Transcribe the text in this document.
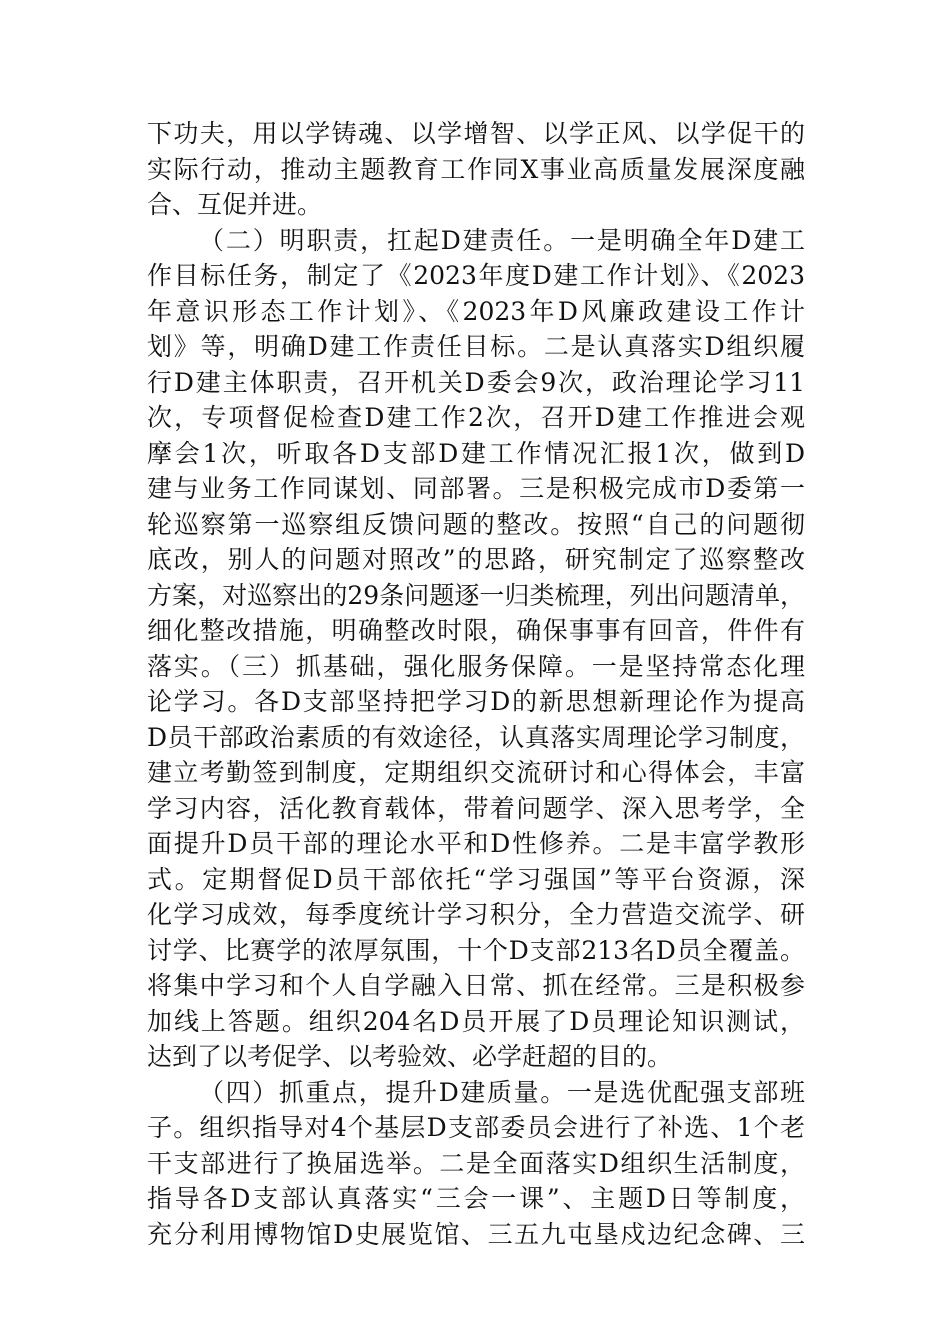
下功夫，用以学铸魂、以学增智、以学正风、以学促干的
实际行动，推动主题教育工作同X事业高质量发展深度融
合、互促并进。
（二）明职责，扛起D建责任。一是明确全年D建工
作目标任务，制定了《2023年度D建工作计划》、《2023
年意识形态工作计划》、《2023年D风廉政建设工作计
划》等，明确D建工作责任目标。二是认真落实D组织履
行D建主体职责，召开机关D委会9次，政治理论学习11
次，专项督促检查D建工作2次，召开D建工作推进会观
摩会1次，听取各D支部D建工作情况汇报1次，做到D
建与业务工作同谋划、同部署。三是积极完成市D委第一
轮巡察第一巡察组反馈问题的整改。按照“自己的问题彻
底改，别人的问题对照改”的思路，研究制定了巡察整改
方案，对巡察出的29条问题逐一归类梳理，列出问题清单，
细化整改措施，明确整改时限，确保事事有回音，件件有
落实。（三）抓基础，强化服务保障。一是坚持常态化理
论学习。各D支部坚持把学习D的新思想新理论作为提高
D员干部政治素质的有效途径，认真落实周理论学习制度，
建立考勤签到制度，定期组织交流研讨和心得体会，丰富
学习内容，活化教育载体，带着问题学、深入思考学，全
面提升D员干部的理论水平和D性修养。二是丰富学教形
式。定期督促D员干部依托“学习强国”等平台资源，深
化学习成效，每季度统计学习积分，全力营造交流学、研
讨学、比赛学的浓厚氛围，十个D支部213名D员全覆盖。
将集中学习和个人自学融入日常、抓在经常。三是积极参
加线上答题。组织204名D员开展了D员理论知识测试，
达到了以考促学、以考验效、必学赶超的目的。
（四）抓重点，提升D建质量。一是选优配强支部班
子。组织指导对4个基层D支部委员会进行了补选、1个老
干支部进行了换届选举。二是全面落实D组织生活制度，
指导各D支部认真落实“三会一课”、主题D日等制度，
充分利用博物馆D史展览馆、三五九屯垦戍边纪念碑、三
